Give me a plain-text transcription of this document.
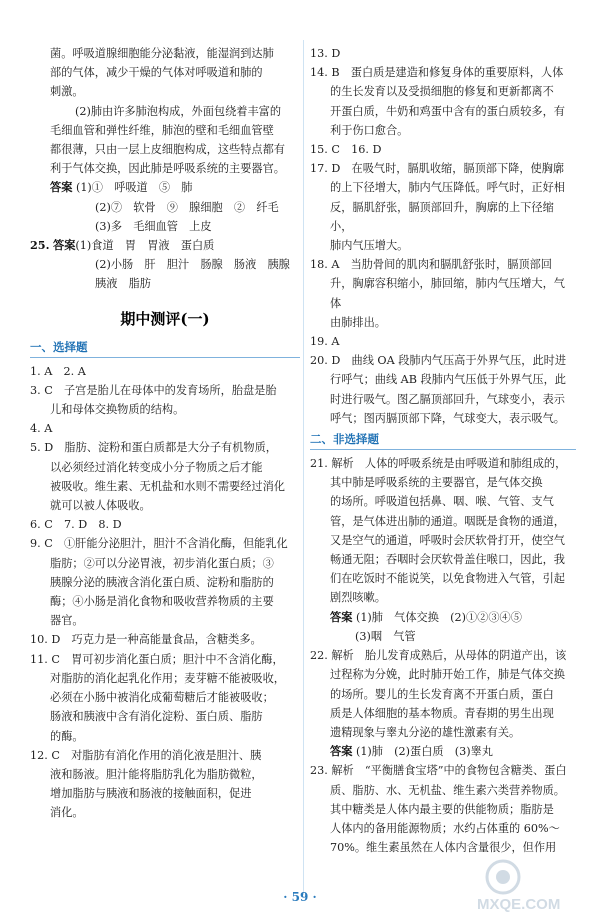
菌。呼吸道腺细胞能分泌黏液，能湿润到达肺

部的气体，减少干燥的气体对呼吸道和肺的

刺激。

(2)肺由许多肺泡构成，外面包绕着丰富的

毛细血管和弹性纤维，肺泡的壁和毛细血管壁

都很薄，只由一层上皮细胞构成，这些特点都有

利于气体交换，因此肺是呼吸系统的主要器官。

答案 (1)①　呼吸道　⑤　肺

(2)⑦　软骨　⑨　腺细胞　②　纤毛

(3)多　毛细血管　上皮

25. 答案(1)食道　胃　胃液　蛋白质

(2)小肠　肝　胆汁　肠腺　肠液　胰腺

胰液　脂肪

期中测评(一)
一、选择题

1. A　2. A

3. C　子宫是胎儿在母体中的发育场所，胎盘是胎

儿和母体交换物质的结构。

4. A

5. D　脂肪、淀粉和蛋白质都是大分子有机物质，

以必须经过消化转变成小分子物质之后才能

被吸收。维生素、无机盐和水则不需要经过消化

就可以被人体吸收。

6. C　7. D　8. D

9. C　①肝能分泌胆汁，胆汁不含消化酶，但能乳化

脂肪；②可以分泌胃液，初步消化蛋白质；③

胰腺分泌的胰液含消化蛋白质、淀粉和脂肪的

酶；④小肠是消化食物和吸收营养物质的主要

器官。

10. D　巧克力是一种高能量食品，含糖类多。

11. C　胃可初步消化蛋白质；胆汁中不含消化酶，

对脂肪的消化起乳化作用；麦芽糖不能被吸收，

必须在小肠中被消化成葡萄糖后才能被吸收；

肠液和胰液中含有消化淀粉、蛋白质、脂肪

的酶。

12. C　对脂肪有消化作用的消化液是胆汁、胰

液和肠液。胆汁能将脂肪乳化为脂肪微粒，

增加脂肪与胰液和肠液的接触面积，促进

消化。

13. D

14. B　蛋白质是建造和修复身体的重要原料，人体

的生长发育以及受损细胞的修复和更新都离不

开蛋白质，牛奶和鸡蛋中含有的蛋白质较多，有

利于伤口愈合。

15. C　16. D

17. D　在吸气时，膈肌收缩，膈顶部下降，使胸廓

的上下径增大，肺内气压降低。呼气时，正好相

反，膈肌舒张，膈顶部回升，胸廓的上下径缩小，

肺内气压增大。

18. A　当肋骨间的肌肉和膈肌舒张时，膈顶部回

升，胸廓容积缩小，肺回缩，肺内气压增大，气体

由肺排出。

19. A

20. D　曲线 OA 段肺内气压高于外界气压，此时进

行呼气；曲线 AB 段肺内气压低于外界气压，此

时进行吸气。图乙膈顶部回升，气球变小，表示

呼气；图丙膈顶部下降，气球变大，表示吸气。

二、非选择题

21. 解析　人体的呼吸系统是由呼吸道和肺组成的，

其中肺是呼吸系统的主要器官，是气体交换

的场所。呼吸道包括鼻、咽、喉、气管、支气

管，是气体进出肺的通道。咽既是食物的通道，

又是空气的通道，呼吸时会厌软骨打开，使空气

畅通无阻；吞咽时会厌软骨盖住喉口，因此，我

们在吃饭时不能说笑，以免食物进入气管，引起

剧烈咳嗽。

答案 (1)肺　气体交换　(2)①②③④⑤

(3)咽　气管

22. 解析　胎儿发育成熟后，从母体的阴道产出，该

过程称为分娩，此时肺开始工作，肺是气体交换

的场所。婴儿的生长发育离不开蛋白质，蛋白

质是人体细胞的基本物质。青春期的男生出现

遗精现象与睾丸分泌的雄性激素有关。

答案 (1)肺　(2)蛋白质　(3)睾丸

23. 解析　“平衡膳食宝塔”中的食物包含糖类、蛋白

质、脂肪、水、无机盐、维生素六类营养物质。

其中糖类是人体内最主要的供能物质；脂肪是

人体内的备用能源物质；水约占体重的 60%～

70%。维生素虽然在人体内含量很少，但作用

· 59 ·	MXQE.COM
